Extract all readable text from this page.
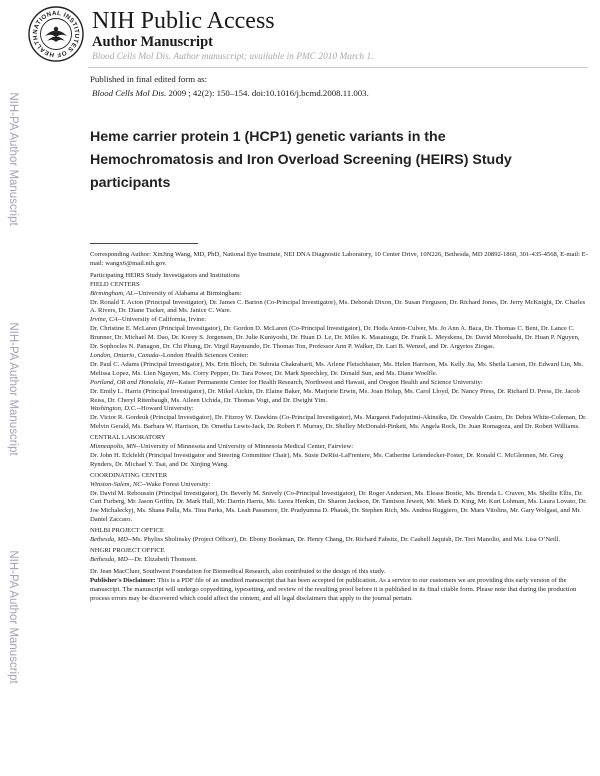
NATIONAL INSTITUTES OF HEALTH
NIH Public Access
Author Manuscript
Blood Cells Mol Dis. Author manuscript; available in PMC 2010 March 1.
NIH-PA Author Manuscript
NIH-PA Author Manuscript
NIH-PA Author Manuscript
Published in final edited form as:
Blood Cells Mol Dis. 2009 ; 42(2): 150–154. doi:10.1016/j.bcmd.2008.11.003.
Heme carrier protein 1 (HCP1) genetic variants in the Hemochromatosis and Iron Overload Screening (HEIRS) Study participants

Corresponding Author: XinJing Wang, MD, PhD, National Eye Institute, NEI DNA Diagnostic Laboratory, 10 Center Drive, 10N226, Bethesda, MD 20892-1860, 301-435-4568, E-mail: E-mail: wangx6@mail.nih.gov.

Participating HEIRS Study Investigators and Institutions

FIELD CENTERS

Birmingham, AL--University of Alabama at Birmingham:

Dr. Ronald T. Acton (Principal Investigator), Dr. James C. Barton (Co-Principal Investigator), Ms. Deborah Dixon, Dr. Susan Ferguson, Dr. Richard Jones, Dr. Jerry McKnight, Dr. Charles A. Rivers, Dr. Diane Tucker, and Ms. Janice C. Ware.

Irvine, CA--University of California, Irvine:

Dr. Christine E. McLaren (Principal Investigator), Dr. Gordon D. McLaren (Co-Principal Investigator), Dr. Hoda Anton-Culver, Ms. Jo Ann A. Baca, Dr. Thomas C. Bent, Dr. Lance C. Brunner, Dr. Michael M. Dao, Dr. Korey S. Jorgensen, Dr. Julie Kuniyoshi, Dr. Huan D. Le, Dr. Miles K. Masatsugu, Dr. Frank L. Meyskens, Dr. David Morohashi, Dr. Huan P. Nguyen, Dr. Sophocles N. Panagon, Dr. Chi Phung, Dr. Virgil Raymundo, Dr. Thomas Ton, Professor Ann P. Walker, Dr. Lari B. Wenzel, and Dr. Argyrios Ziogas.

London, Ontario, Canada--London Health Sciences Center:

Dr. Paul C. Adams (Principal Investigator), Ms. Erin Bloch, Dr. Subrata Chakrabarti, Ms. Arlene Fleischhauer, Ms. Helen Harrison, Ms. Kelly Jia, Ms. Sheila Larson, Dr. Edward Lin, Ms. Melissa Lopez, Ms. Lien Nguyen, Ms. Corry Pepper, Dr. Tara Power, Dr. Mark Speechley, Dr. Donald Sun, and Ms. Diane Woelfle.

Portland, OR and Honolulu, HI--Kaiser Permanente Center for Health Research, Northwest and Hawaii, and Oregon Health and Science University:

Dr. Emily L. Harris (Principal Investigator), Dr. Mikel Aickin, Dr. Elaine Baker, Ms. Marjorie Erwin, Ms. Joan Holup, Ms. Carol Lloyd, Dr. Nancy Press, Dr. Richard D. Press, Dr. Jacob Reiss, Dr. Cheryl Ritenbaugh, Ms. Aileen Uchida, Dr. Thomas Vogt, and Dr. Dwight Yim.

Washington, D.C.--Howard University:

Dr. Victor R. Gordeuk (Principal Investigator), Dr. Fitzroy W. Dawkins (Co-Principal Investigator), Ms. Margaret Fadojutimi-Akinsiku, Dr. Oswaldo Castro, Dr. Debra White-Coleman, Dr. Melvin Gerald, Ms. Barbara W. Harrison, Dr. Ometha Lewis-Jack, Dr. Robert F. Murray, Dr. Shelley McDonald-Pinkett, Ms. Angela Rock, Dr. Juan Romagoza, and Dr. Robert Williams.

CENTRAL LABORATORY

Minneapolis, MN--University of Minnesota and University of Minnesota Medical Center, Fairview:

Dr. John H. Eckfeldt (Principal Investigator and Steering Committee Chair), Ms. Susie DeRisi-LaFreniere, Ms. Catherine Leiendecker-Foster, Dr. Ronald C. McGlennen, Mr. Greg Rynders, Dr. Michael Y. Tsai, and Dr. Xinjing Wang.

COORDINATING CENTER

Winston-Salem, NC--Wake Forest University:

Dr. David M. Reboussin (Principal Investigator), Dr. Beverly M. Snively (Co-Principal Investigator), Dr. Roger Anderson, Ms. Elease Bostic, Ms. Brenda L. Craven, Ms. Shellie Ellis, Dr. Curt Furberg, Mr. Jason Griffin, Dr. Mark Hall, Mr. Darrin Harris, Ms. Leora Henkin, Dr. Sharon Jackson, Dr. Tamison Jewett, Mr. Mark D. King, Mr. Kurt Lohman, Ms. Laura Lovato, Dr. Joe Michaleckyj, Ms. Shana Palla, Ms. Tina Parks, Ms. Leah Passmore, Dr. Pradyumna D. Phatak, Dr. Stephen Rich, Ms. Andrea Ruggiero, Dr. Mara Vitolins, Mr. Gary Wolgast, and Mr. Daniel Zaccaro.

NHLBI PROJECT OFFICE

Bethesda, MD--Ms. Phyliss Sholinsky (Project Officer), Dr. Ebony Bookman, Dr. Henry Chang, Dr. Richard Fabsitz, Dr. Cashell Jaquish, Dr. Teri Manolio, and Ms. Lisa O’Neill.

NHGRI PROJECT OFFICE

Bethesda, MD—Dr. Elizabeth Thomson.

Dr. Jean MacCluer, Southwest Foundation for Biomedical Research, also contributed to the design of this study.

Publisher's Disclaimer: This is a PDF file of an unedited manuscript that has been accepted for publication. As a service to our customers we are providing this early version of the manuscript. The manuscript will undergo copyediting, typesetting, and review of the resulting proof before it is published in its final citable form. Please note that during the production process errors may be discovered which could affect the content, and all legal disclaimers that apply to the journal pertain.
